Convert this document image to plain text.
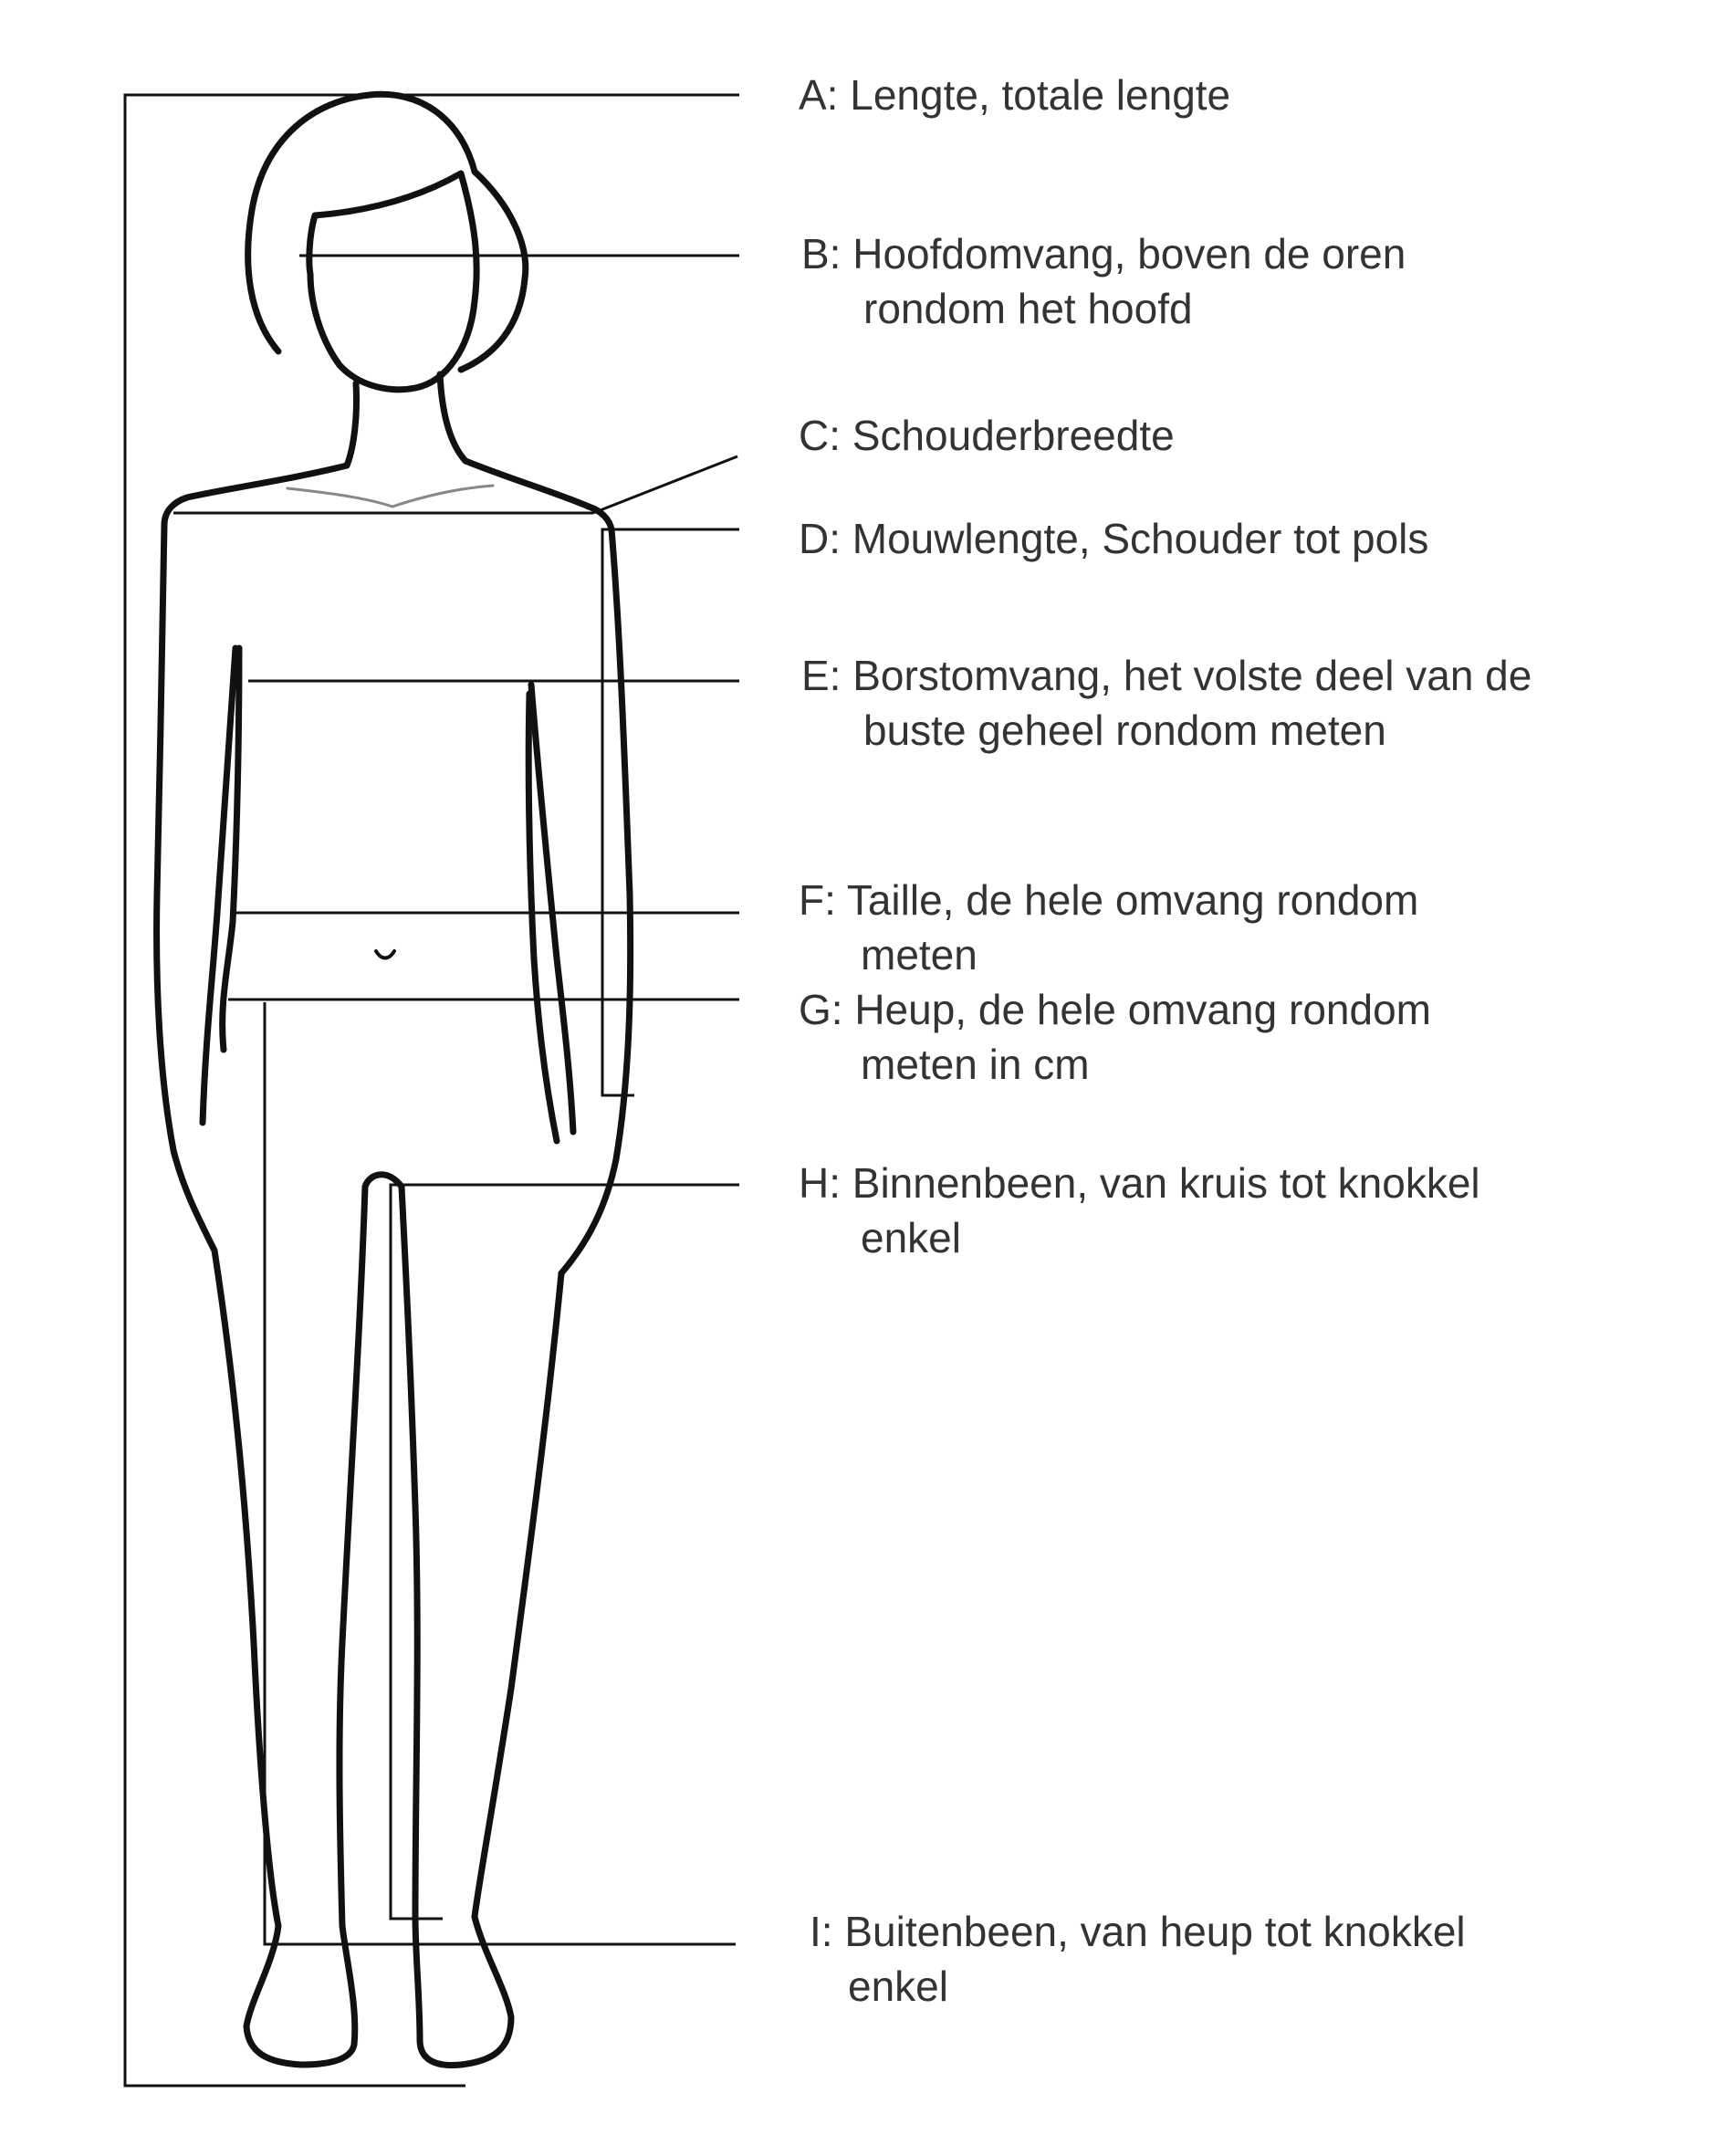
A: Lengte, totale lengte
B: Hoofdomvang, boven de oren
rondom het hoofd
C: Schouderbreedte
D: Mouwlengte, Schouder tot pols
E: Borstomvang, het volste deel van de
buste geheel rondom meten
F: Taille, de hele omvang rondom
meten
G: Heup, de hele omvang rondom
meten in cm
H: Binnenbeen, van kruis tot knokkel
enkel
I: Buitenbeen, van heup tot knokkel
enkel
